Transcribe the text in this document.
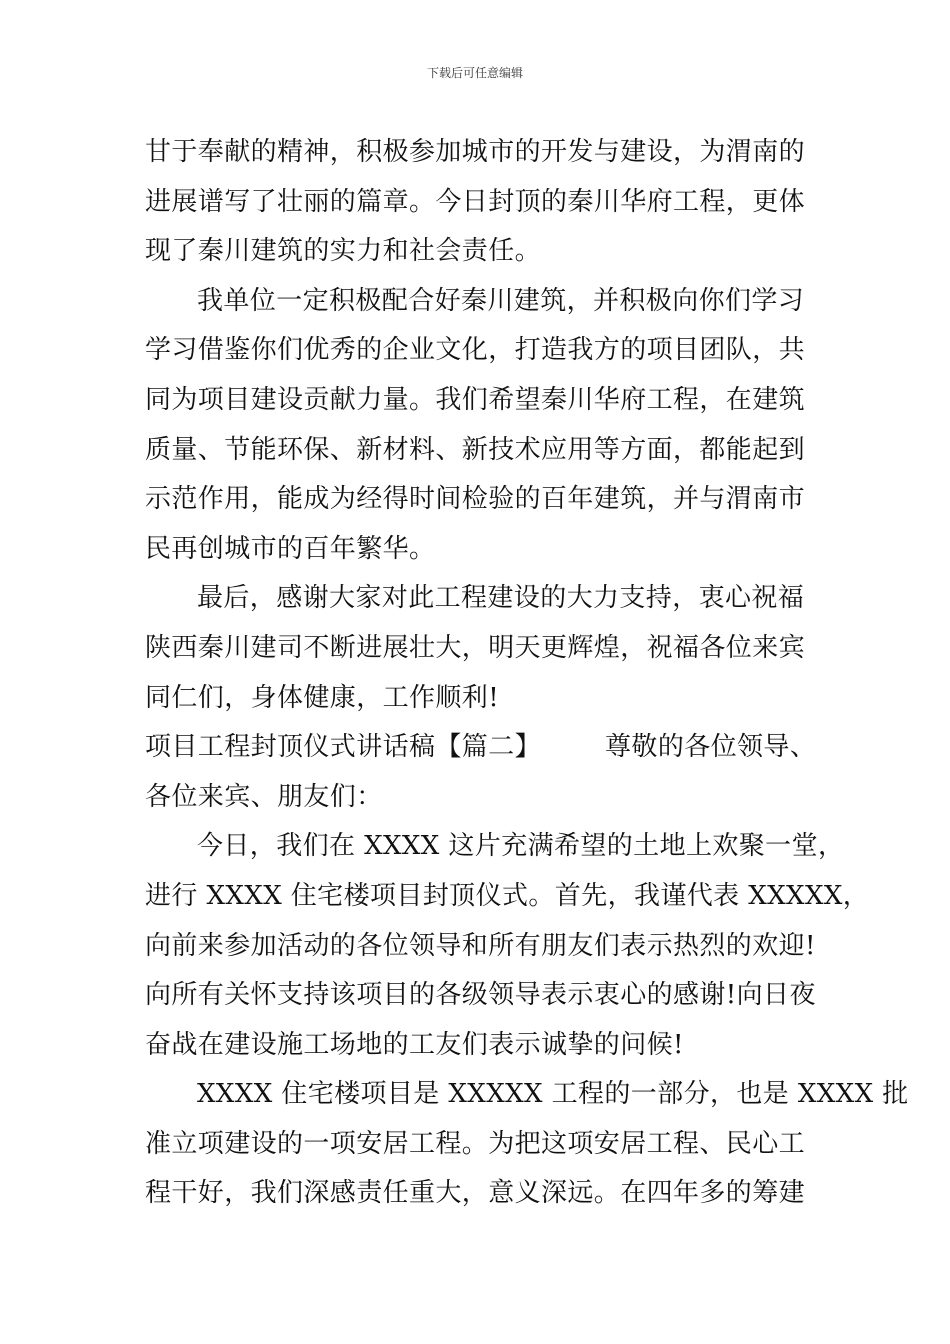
下载后可任意编辑
甘于奉献的精神，积极参加城市的开发与建设，为渭南的
进展谱写了壮丽的篇章。今日封顶的秦川华府工程，更体
现了秦川建筑的实力和社会责任。
我单位一定积极配合好秦川建筑，并积极向你们学习
学习借鉴你们优秀的企业文化，打造我方的项目团队，共
同为项目建设贡献力量。我们希望秦川华府工程，在建筑
质量、节能环保、新材料、新技术应用等方面，都能起到
示范作用，能成为经得时间检验的百年建筑，并与渭南市
民再创城市的百年繁华。
最后，感谢大家对此工程建设的大力支持，衷心祝福
陕西秦川建司不断进展壮大，明天更辉煌，祝福各位来宾
同仁们，身体健康，工作顺利!
项目工程封顶仪式讲话稿【篇二】 尊敬的各位领导、
各位来宾、朋友们：
今日，我们在 XXXX 这片充满希望的土地上欢聚一堂，
进行 XXXX 住宅楼项目封顶仪式。首先，我谨代表 XXXXX，
向前来参加活动的各位领导和所有朋友们表示热烈的欢迎!
向所有关怀支持该项目的各级领导表示衷心的感谢!向日夜
奋战在建设施工场地的工友们表示诚挚的问候!
XXXX 住宅楼项目是 XXXXX 工程的一部分，也是 XXXX 批
准立项建设的一项安居工程。为把这项安居工程、民心工
程干好，我们深感责任重大，意义深远。在四年多的筹建
